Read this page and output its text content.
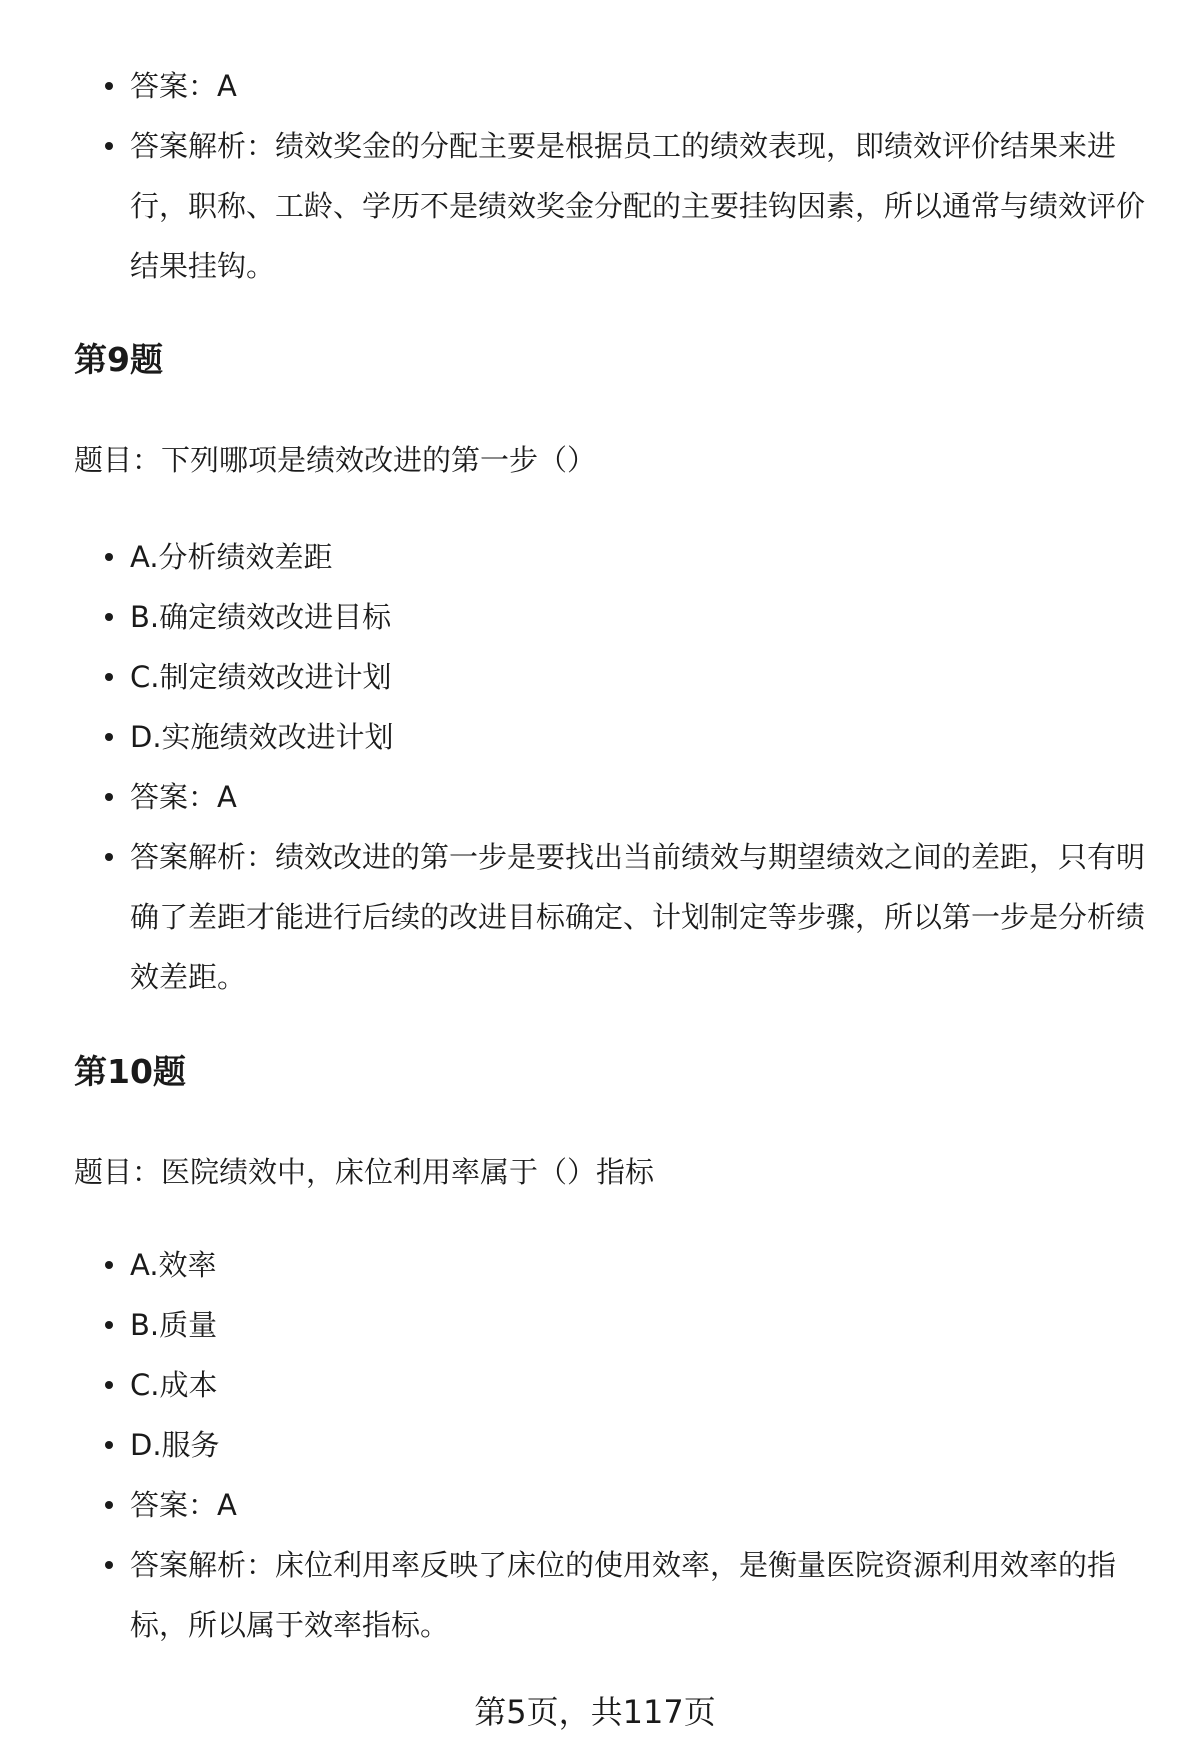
答案：A
答案解析：绩效奖金的分配主要是根据员工的绩效表现，即绩效评价结果来进行，职称、工龄、学历不是绩效奖金分配的主要挂钩因素，所以通常与绩效评价结果挂钩。
第9题

题目：下列哪项是绩效改进的第一步（）

A.分析绩效差距
B.确定绩效改进目标
C.制定绩效改进计划
D.实施绩效改进计划
答案：A
答案解析：绩效改进的第一步是要找出当前绩效与期望绩效之间的差距，只有明确了差距才能进行后续的改进目标确定、计划制定等步骤，所以第一步是分析绩效差距。
第10题

题目：医院绩效中，床位利用率属于（）指标

A.效率
B.质量
C.成本
D.服务
答案：A
答案解析：床位利用率反映了床位的使用效率，是衡量医院资源利用效率的指标，所以属于效率指标。
第5页，共117页
